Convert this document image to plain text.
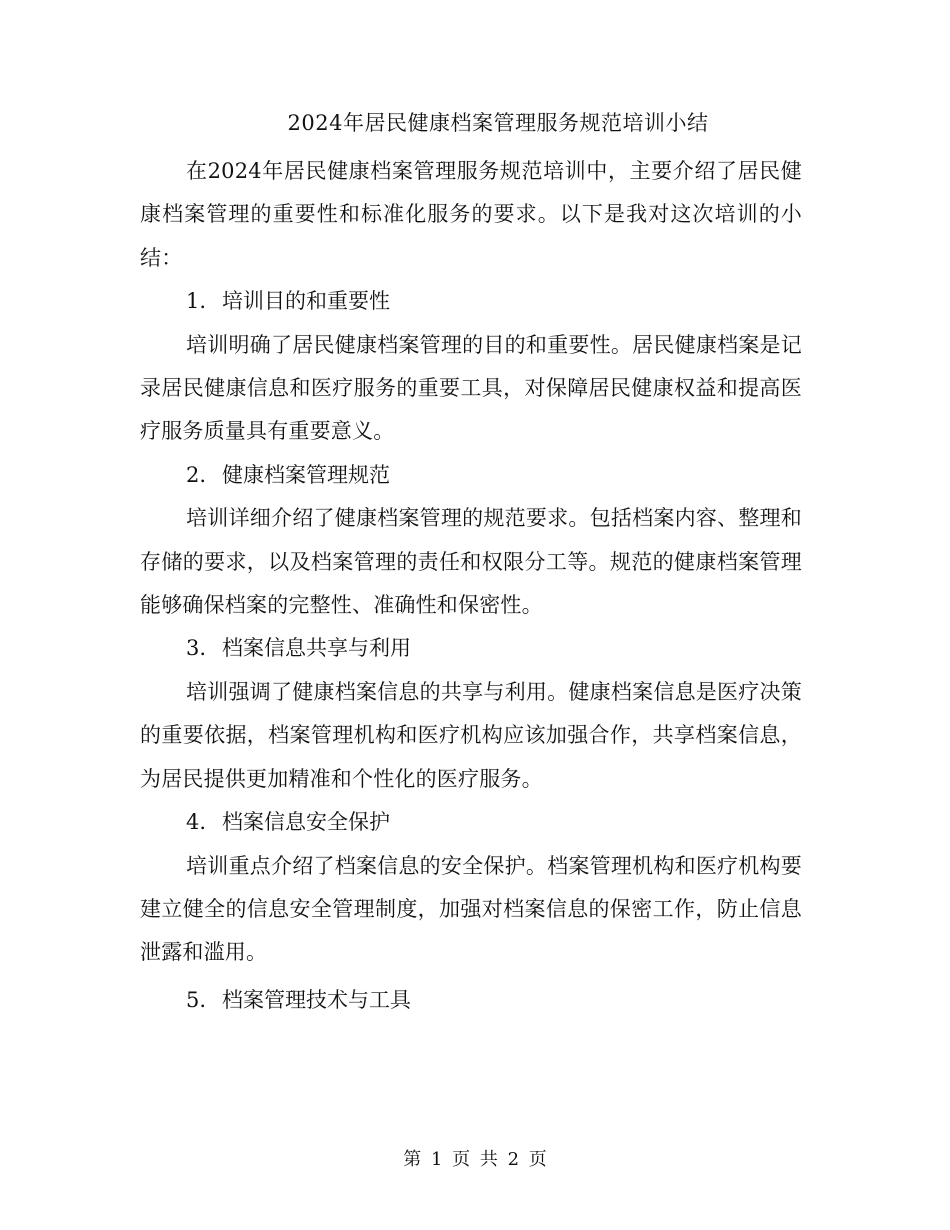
2024年居民健康档案管理服务规范培训小结

在2024年居民健康档案管理服务规范培训中，主要介绍了居民健康档案管理的重要性和标准化服务的要求。以下是我对这次培训的小结：

1. 培训目的和重要性

培训明确了居民健康档案管理的目的和重要性。居民健康档案是记录居民健康信息和医疗服务的重要工具，对保障居民健康权益和提高医疗服务质量具有重要意义。

2. 健康档案管理规范

培训详细介绍了健康档案管理的规范要求。包括档案内容、整理和存储的要求，以及档案管理的责任和权限分工等。规范的健康档案管理能够确保档案的完整性、准确性和保密性。

3. 档案信息共享与利用

培训强调了健康档案信息的共享与利用。健康档案信息是医疗决策的重要依据，档案管理机构和医疗机构应该加强合作，共享档案信息，为居民提供更加精准和个性化的医疗服务。

4. 档案信息安全保护

培训重点介绍了档案信息的安全保护。档案管理机构和医疗机构要建立健全的信息安全管理制度，加强对档案信息的保密工作，防止信息泄露和滥用。

5. 档案管理技术与工具

第 1 页 共 2 页
